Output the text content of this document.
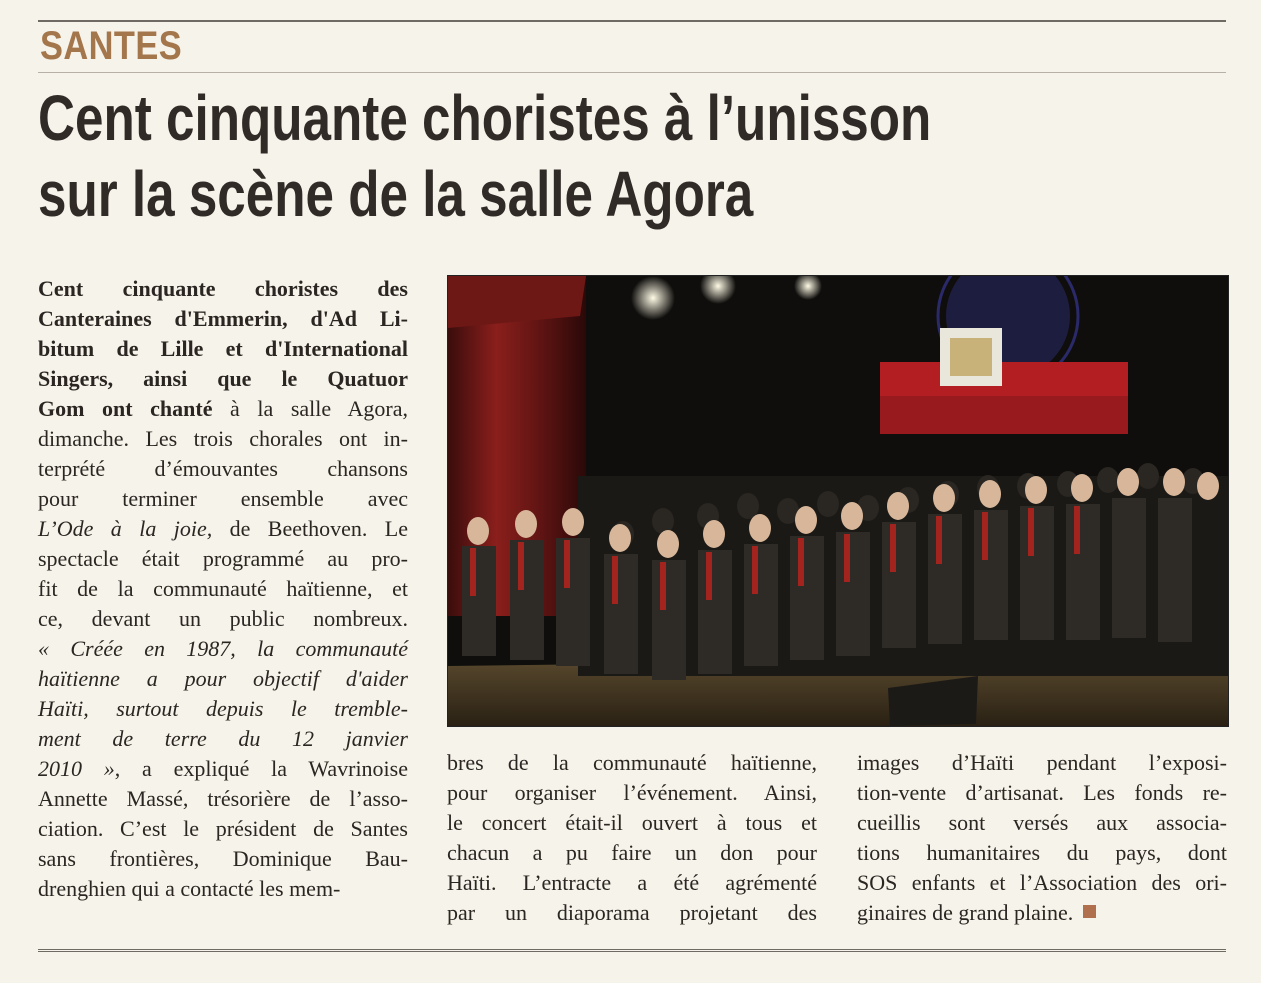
SANTES
Cent cinquante choristes à l’unisson
sur la scène de la salle Agora
Cent cinquante choristes des
Canteraines d'Emmerin, d'Ad Li-
bitum de Lille et d'International
Singers, ainsi que le Quatuor
Gom ont chanté à la salle Agora,
dimanche. Les trois chorales ont in-
terprété d’émouvantes chansons
pour terminer ensemble avec
L’Ode à la joie, de Beethoven. Le
spectacle était programmé au pro-
fit de la communauté haïtienne, et
ce, devant un public nombreux.
« Créée en 1987, la communauté
haïtienne a pour objectif d'aider
Haïti, surtout depuis le tremble-
ment de terre du 12 janvier
2010 », a expliqué la Wavrinoise
Annette Massé, trésorière de l’asso-
ciation. C’est le président de Santes
sans frontières, Dominique Bau-
drenghien qui a contacté les mem-
bres de la communauté haïtienne,
pour organiser l’événement. Ainsi,
le concert était-il ouvert à tous et
chacun a pu faire un don pour
Haïti. L’entracte a été agrémenté
par un diaporama projetant des
images d’Haïti pendant l’exposi-
tion-vente d’artisanat. Les fonds re-
cueillis sont versés aux associa-
tions humanitaires du pays, dont
SOS enfants et l’Association des ori-
ginaires de grand plaine.
